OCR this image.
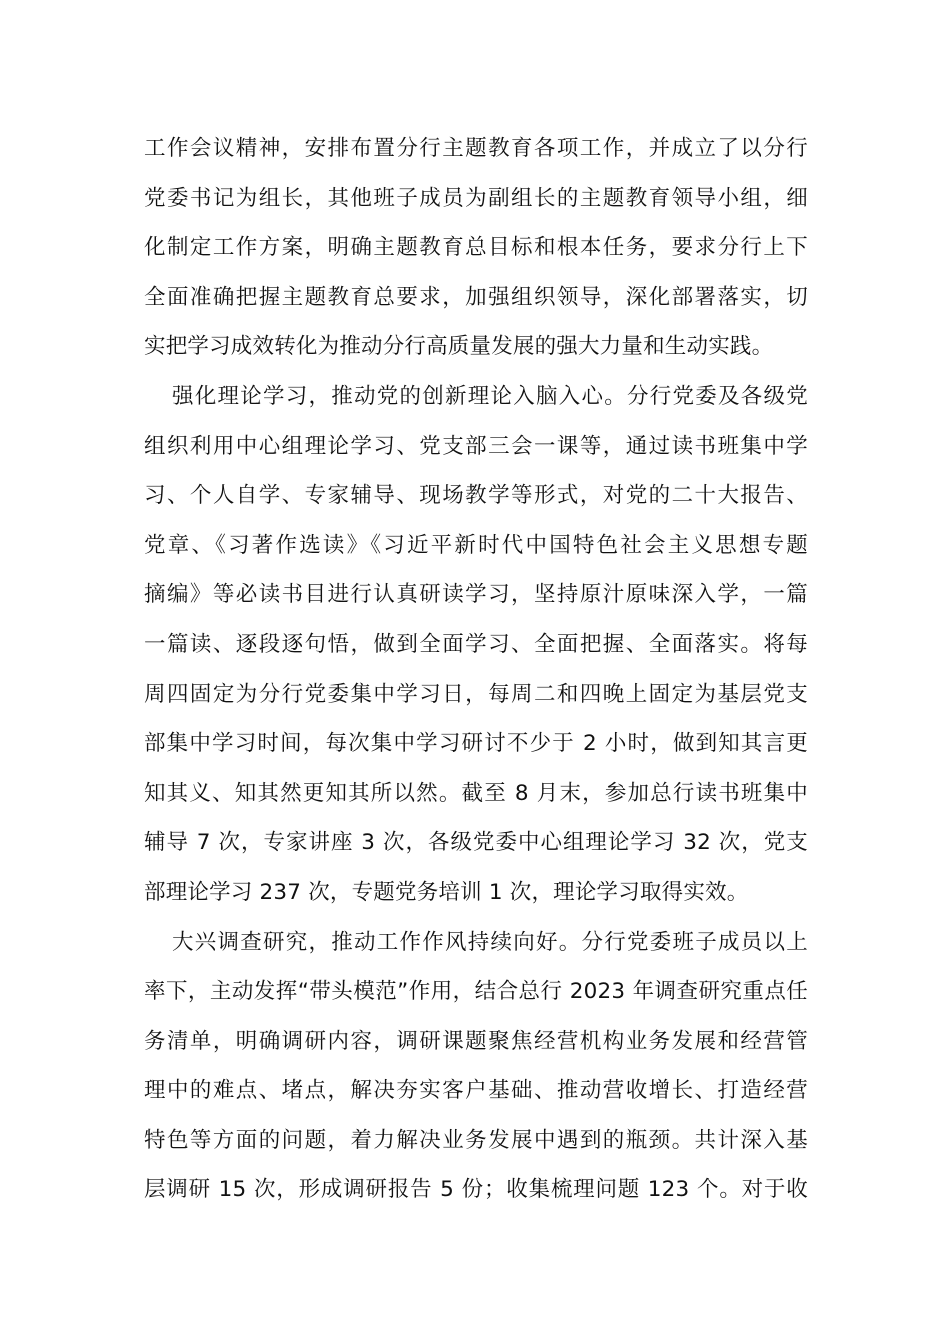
工作会议精神，安排布置分行主题教育各项工作，并成立了以分行
党委书记为组长，其他班子成员为副组长的主题教育领导小组，细
化制定工作方案，明确主题教育总目标和根本任务，要求分行上下
全面准确把握主题教育总要求，加强组织领导，深化部署落实，切
实把学习成效转化为推动分行高质量发展的强大力量和生动实践。
强化理论学习，推动党的创新理论入脑入心。分行党委及各级党
组织利用中心组理论学习、党支部三会一课等，通过读书班集中学
习、个人自学、专家辅导、现场教学等形式，对党的二十大报告、
党章、《习著作选读》《习近平新时代中国特色社会主义思想专题
摘编》等必读书目进行认真研读学习，坚持原汁原味深入学，一篇
一篇读、逐段逐句悟，做到全面学习、全面把握、全面落实。将每
周四固定为分行党委集中学习日，每周二和四晚上固定为基层党支
部集中学习时间，每次集中学习研讨不少于 2 小时，做到知其言更
知其义、知其然更知其所以然。截至 8 月末，参加总行读书班集中
辅导 7 次，专家讲座 3 次，各级党委中心组理论学习 32 次，党支
部理论学习 237 次，专题党务培训 1 次，理论学习取得实效。
大兴调查研究，推动工作作风持续向好。分行党委班子成员以上
率下，主动发挥“带头模范”作用，结合总行 2023 年调查研究重点任
务清单，明确调研内容，调研课题聚焦经营机构业务发展和经营管
理中的难点、堵点，解决夯实客户基础、推动营收增长、打造经营
特色等方面的问题，着力解决业务发展中遇到的瓶颈。共计深入基
层调研 15 次，形成调研报告 5 份；收集梳理问题 123 个。对于收
